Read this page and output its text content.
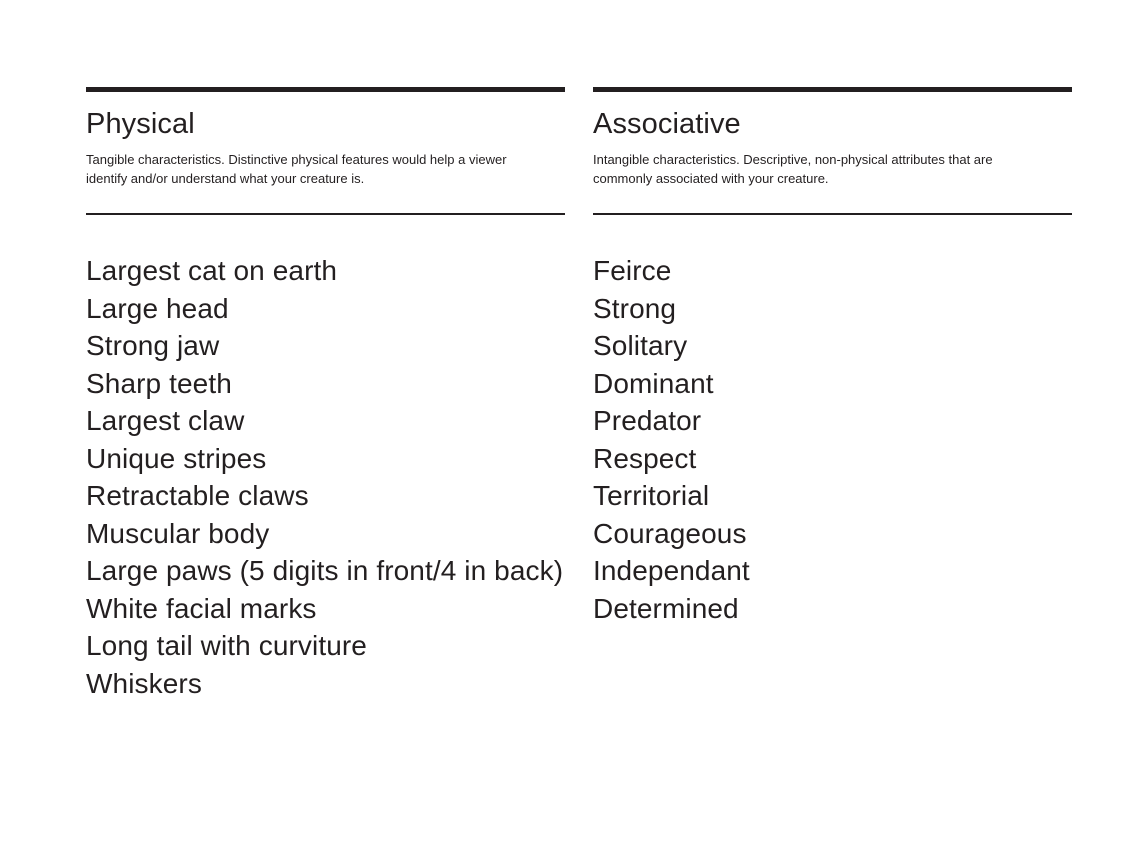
Physical
Tangible characteristics. Distinctive physical features would help a viewer
identify and/or understand what your creature is.
Largest cat on earth
Large head
Strong jaw
Sharp teeth
Largest claw
Unique stripes
Retractable claws
Muscular body
Large paws (5 digits in front/4 in back)
White facial marks
Long tail with curviture
Whiskers
Associative
Intangible characteristics. Descriptive, non-physical attributes that are
commonly associated with your creature.
Feirce
Strong
Solitary
Dominant
Predator
Respect
Territorial
Courageous
Independant
Determined
